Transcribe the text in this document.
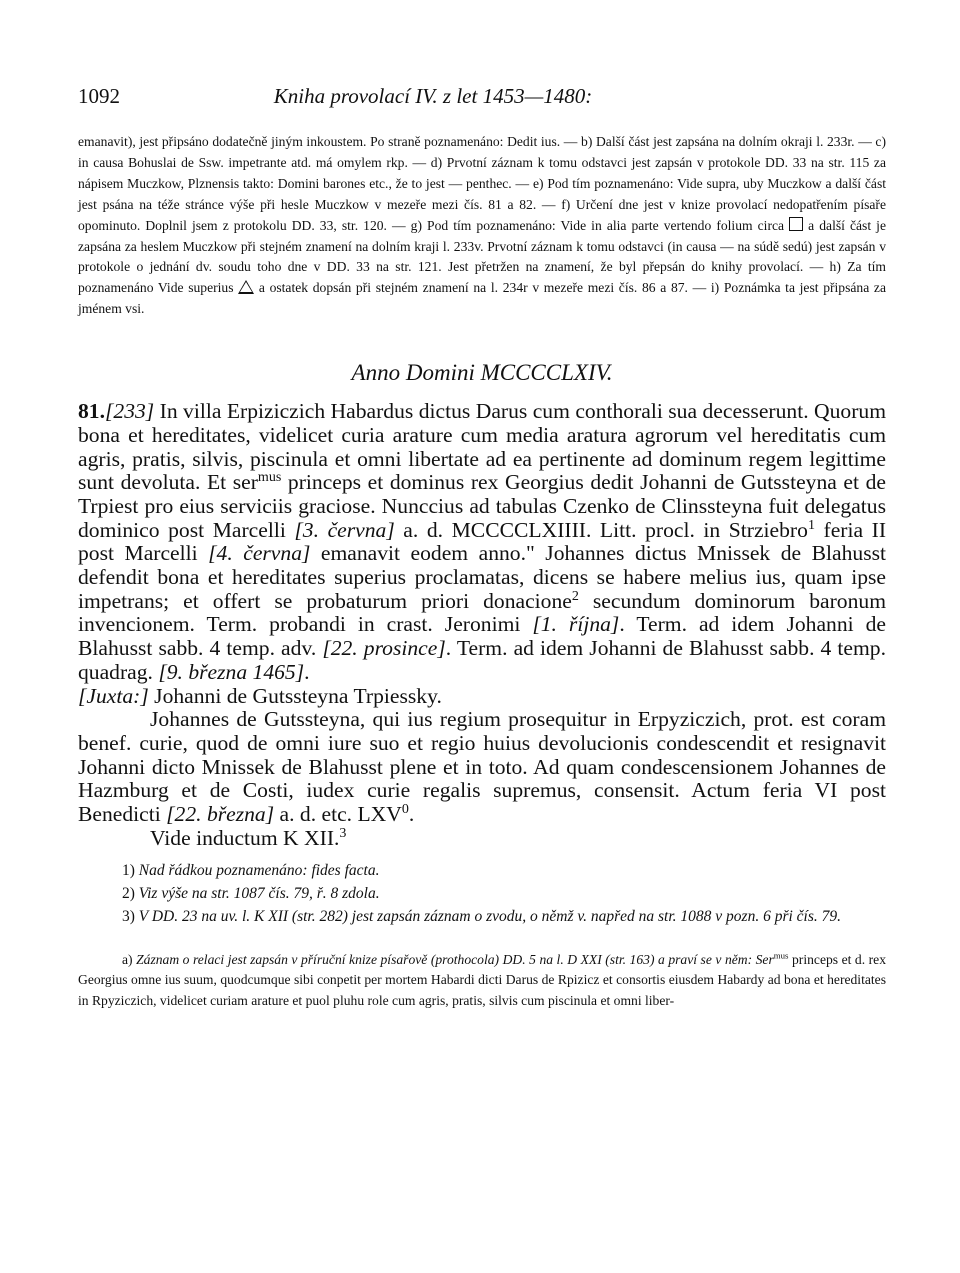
1092	Kniha provolací IV. z let 1453—1480:

emanavit), jest připsáno dodatečně jiným inkoustem. Po straně poznamenáno: Dedit ius. — b) Další část jest zapsána na dolním okraji l. 233r. — c) in causa Bohuslai de Ssw. impetrante atd. má omylem rkp. — d) Prvotní záznam k tomu odstavci jest zapsán v protokole DD. 33 na str. 115 za nápisem Muczkow, Plznensis takto: Domini barones etc., že to jest — penthec. — e) Pod tím poznamenáno: Vide supra, uby Muczkow a další část jest psána na téže stránce výše při hesle Muczkow v mezeře mezi čís. 81 a 82. — f) Určení dne jest v knize provolací nedopatřením písaře opominuto. Doplnil jsem z protokolu DD. 33, str. 120. — g) Pod tím poznamenáno: Vide in alia parte vertendo folium circa  a další část je zapsána za heslem Muczkow při stejném znamení na dolním kraji l. 233v. Prvotní záznam k tomu odstavci (in causa — na súdě sedú) jest zapsán v protokole o jednání dv. soudu toho dne v DD. 33 na str. 121. Jest přetržen na znamení, že byl přepsán do knihy provolací. — h) Za tím poznamenáno Vide superius  a ostatek dopsán při stejném znamení na l. 234r v mezeře mezi čís. 86 a 87. — i) Poznámka ta jest připsána za jménem vsi.

Anno Domini MCCCCLXIV.

81.[233] In villa Erpiziczich Habardus dictus Darus cum conthorali sua decesserunt. Quorum bona et hereditates, videlicet curia arature cum media aratura agrorum vel hereditatis cum agris, pratis, silvis, piscinula et omni libertate ad ea pertinente ad dominum regem legittime sunt devoluta. Et ser$^{mus}$ princeps et dominus rex Georgius dedit Johanni de Gutssteyna et de Trpiest pro eius serviciis graciose. Nunccius ad tabulas Czenko de Clinssteyna fuit delegatus dominico post Marcelli [3. června] a. d. MCCCCLXIIII. Litt. procl. in Strziebro$^1$ feria II post Marcelli [4. června] emanavit eodem anno." Johannes dictus Mnissek de Blahusst defendit bona et hereditates superius proclamatas, dicens se habere melius ius, quam ipse impetrans; et offert se probaturum priori donacione$^2$ secundum dominorum baronum invencionem. Term. probandi in crast. Jeronimi [1. října]. Term. ad idem Johanni de Blahusst sabb. 4 temp. adv. [22. prosince]. Term. ad idem Johanni de Blahusst sabb. 4 temp. quadrag. [9. března 1465].

[Juxta:] Johanni de Gutssteyna Trpiessky.

Johannes de Gutssteyna, qui ius regium prosequitur in Erpyziczich, prot. est coram benef. curie, quod de omni iure suo et regio huius devolucionis condescendit et resignavit Johanni dicto Mnissek de Blahusst plene et in toto. Ad quam condescensionem Johannes de Hazmburg et de Costi, iudex curie regalis supremus, consensit. Actum feria VI post Benedicti [22. března] a. d. etc. LXV$^0$.

Vide inductum K XII.$^3$

1) Nad řádkou poznamenáno: fides facta.
2) Viz výše na str. 1087 čís. 79, ř. 8 zdola.
3) V DD. 23 na uv. l. K XII (str. 282) jest zapsán záznam o zvodu, o němž v. napřed na str. 1088 v pozn. 6 při čís. 79.

a) Záznam o relaci jest zapsán v příruční knize písařově (prothocola) DD. 5 na l. D XXI (str. 163) a praví se v něm: Ser$^{mus}$ princeps et d. rex Georgius omne ius suum, quodcumque sibi conpetit per mortem Habardi dicti Darus de Rpizicz et consortis eiusdem Habardy ad bona et hereditates in Rpyziczich, videlicet curiam arature et puol pluhu role cum agris, pratis, silvis cum piscinula et omni liber-
